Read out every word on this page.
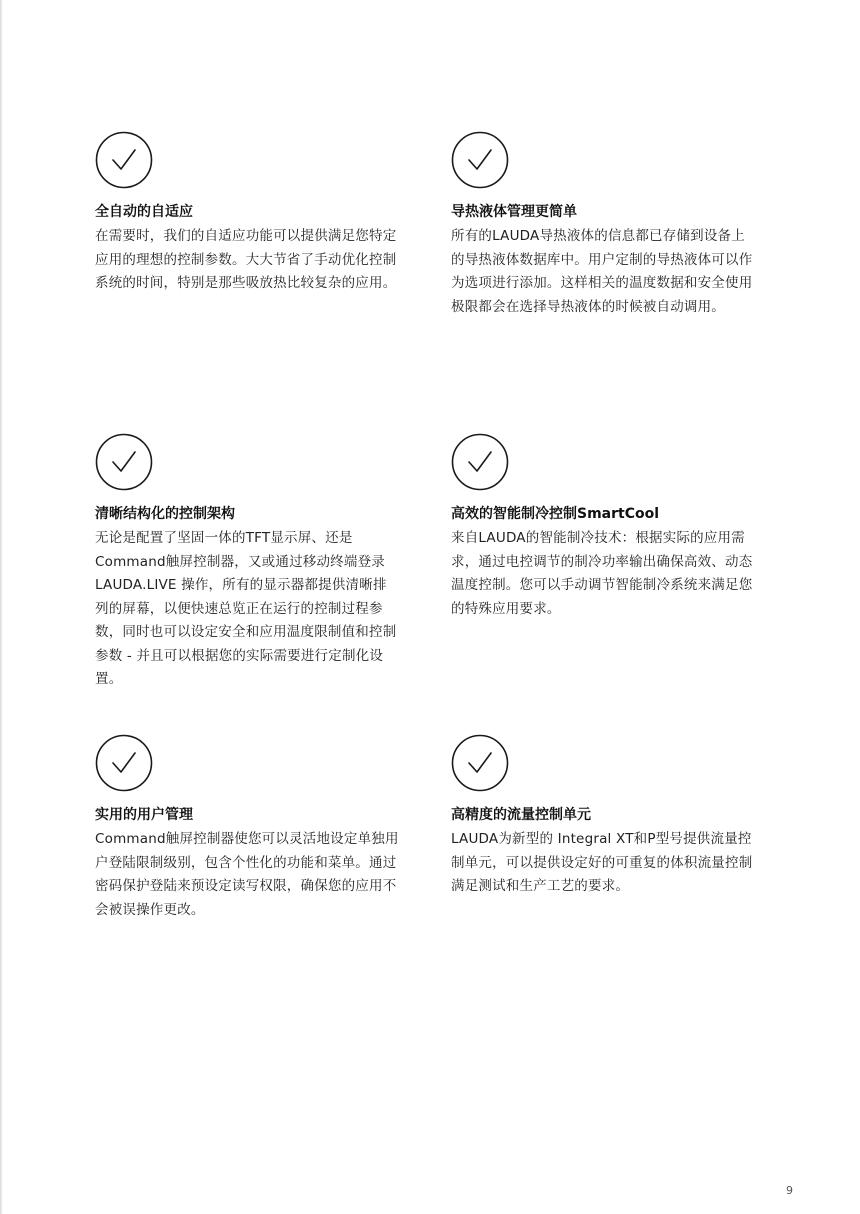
全自动的自适应

在需要时，我们的自适应功能可以提供满足您特定应用的理想的控制参数。大大节省了手动优化控制系统的时间，特别是那些吸放热比较复杂的应用。

导热液体管理更简单

所有的LAUDA导热液体的信息都已存储到设备上的导热液体数据库中。用户定制的导热液体可以作为选项进行添加。这样相关的温度数据和安全使用极限都会在选择导热液体的时候被自动调用。

清晰结构化的控制架构

无论是配置了坚固一体的TFT显示屏、还是Command触屏控制器，又或通过移动终端登录LAUDA.LIVE 操作，所有的显示器都提供清晰排列的屏幕，以便快速总览正在运行的控制过程参数，同时也可以设定安全和应用温度限制值和控制参数 - 并且可以根据您的实际需要进行定制化设置。

高效的智能制冷控制SmartCool

来自LAUDA的智能制冷技术：根据实际的应用需求，通过电控调节的制冷功率输出确保高效、动态温度控制。您可以手动调节智能制冷系统来满足您的特殊应用要求。

实用的用户管理

Command触屏控制器使您可以灵活地设定单独用户登陆限制级别，包含个性化的功能和菜单。通过密码保护登陆来预设定读写权限，确保您的应用不会被误操作更改。

高精度的流量控制单元

LAUDA为新型的 Integral XT和P型号提供流量控制单元，可以提供设定好的可重复的体积流量控制满足测试和生产工艺的要求。

9
